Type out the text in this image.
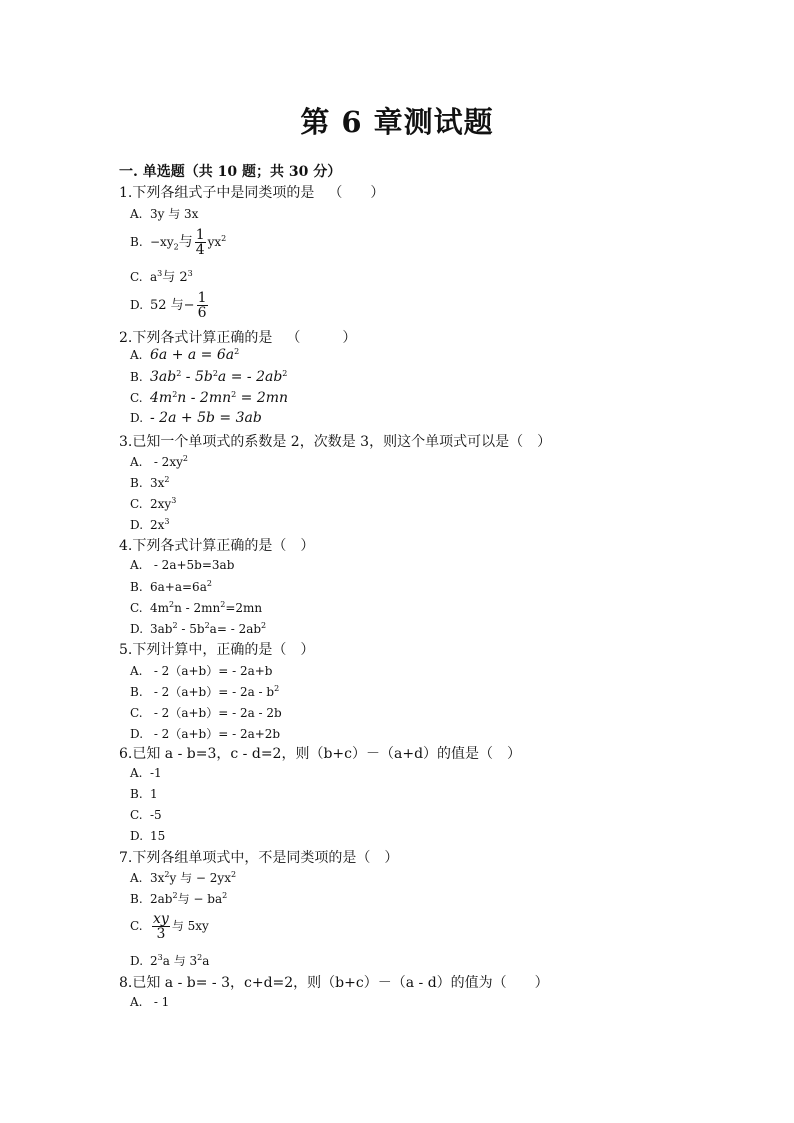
第 6 章测试题
一. 单选题（共 10 题；共 30 分）
1.下列各组式子中是同类项的是 （　　）
A. 3y 与 3x
B. $-xy_2$与 $\frac{1}{4} yx^2$
C. $a^3$与 $2^3$
D. 52 与− $\frac{1}{6}$
2.下列各式计算正确的是 （　　　）
A. $6a + a = 6a^2$
B. $3ab^2 - 5b^2a$ = - $2ab^2$
C. $4m^2n - 2mn^2 = 2mn$
D. - 2a + 5b = 3ab
3.已知一个单项式的系数是 2，次数是 3，则这个单项式可以是（　）
A. - $2xy^2$
B. $3x^2$
C. $2xy^3$
D. $2x^3$
4.下列各式计算正确的是（　）
A. - 2a+5b=3ab
B. $6a+a=6a^2$
C. $4m^2n - 2mn^2=2mn$
D. $3ab^2 - 5b^2a= - 2ab^2$
5.下列计算中，正确的是（　）
A. - 2（a+b）= - 2a+b
B. - $2(a+b)= - 2a - b^2$
C. - 2（a+b）= - 2a - 2b
D. - 2（a+b）= - 2a+2b
6.已知 a - b=3，c - d=2，则（b+c）－（a+d）的值是（　）
A. -1
B. 1
C. -5
D. 15
7.下列各组单项式中，不是同类项的是（　）
A. $3x^2y$ 与 − $2yx^2$
B. $2ab^2$与 − $ba^2$
C. $\frac{xy}{3}$ 与 5xy
D. $2^3a$ 与 $3^2a$
8.已知 a - b= - 3，c+d=2，则（b+c）－（a - d）的值为（　　）
A. - 1
